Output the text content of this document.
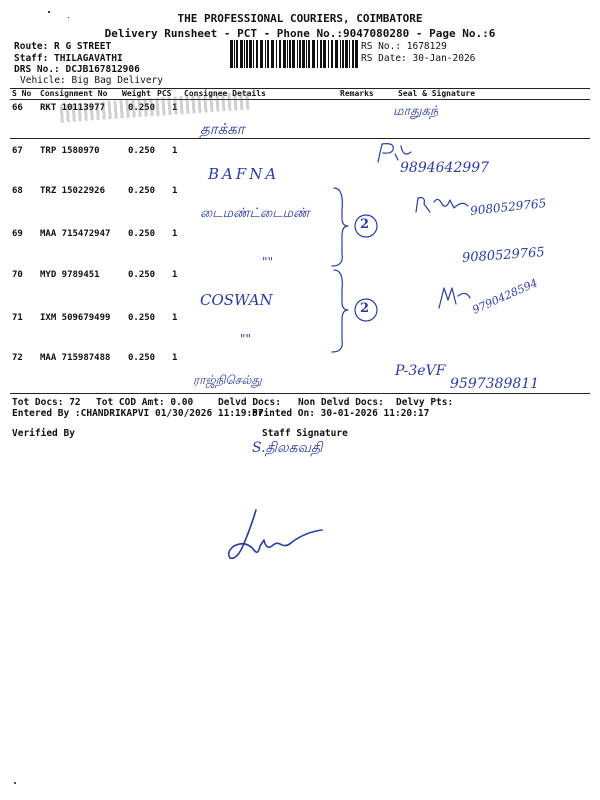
THE PROFESSIONAL COURIERS, COIMBATORE
Delivery Runsheet - PCT - Phone No.:9047080280 - Page No.:6
Route: R G STREET
Staff: THILAGAVATHI
DRS No.: DCJB167812906
Vehicle: Big Bag Delivery
RS No.: 1678129
RS Date: 30-Jan-2026
S No Consignment No Weight PCS Consignee Details	Remarks	Seal & Signature
66 RKT 10113977	0.250 1
67 TRP 1580970	0.250 1
68 TRZ 15022926	0.250 1
69 MAA 715472947 0.250 1
70 MYD 9789451	0.250 1
71 IXM 509679499 0.250 1
72 MAA 715987488 0.250 1
தாக்கா
மாதுகந்
BAFNA	9894642997
டைமண்ட்டைமண்	9080529765
9080529765
COSWAN	9790428594
ராஜ்நிசெல்து
P-3eVF
9597389811
""
""
2
2
Tot Docs: 72 Tot COD Amt: 0.00	Delvd Docs: Non Delvd Docs: Delvy Pts:
Entered By :CHANDRIKAPVI 01/30/2026 11:19:57
Printed On: 30-01-2026 11:20:17
Verified By	Staff Signature
S.திலகவதி
